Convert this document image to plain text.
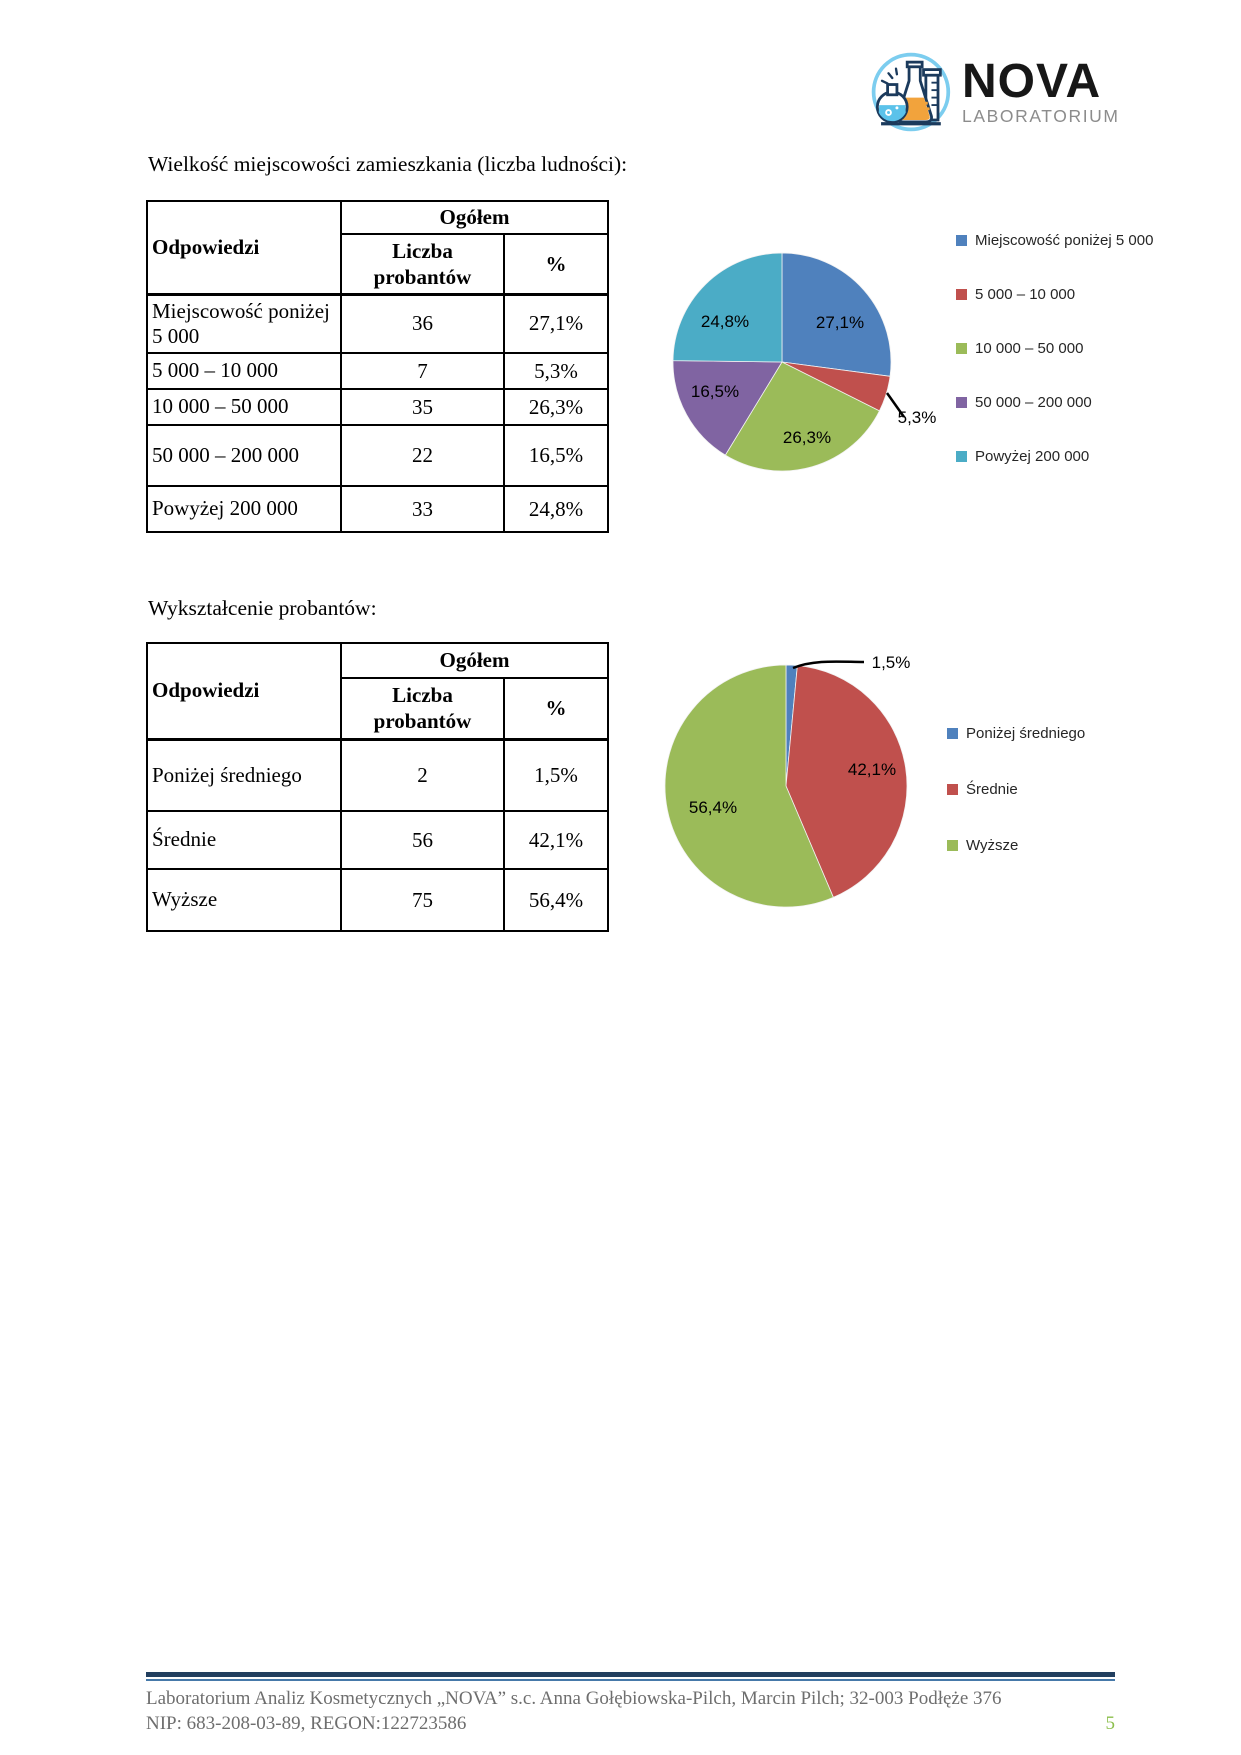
NOVA
LABORATORIUM
Wielkość miejscowości zamieszkania (liczba ludności):
Odpowiedzi	Ogółem	
	Liczba probantów	%
Miejscowość poniżej 5 000	36	27,1%
5 000 – 10 000	7	5,3%
10 000 – 50 000	35	26,3%
50 000 – 200 000	22	16,5%
Powyżej 200 000	33	24,8%
27,1%
5,3%
26,3%
16,5%
24,8%
Miejscowość poniżej 5 000
5 000 – 10 000
10 000 – 50 000
50 000 – 200 000
Powyżej 200 000
Wykształcenie probantów:
Odpowiedzi	Ogółem	
	Liczba probantów	%
Poniżej średniego	2	1,5%
Średnie	56	42,1%
Wyższe	75	56,4%
1,5%
42,1%
56,4%
Poniżej średniego
Średnie
Wyższe
Laboratorium Analiz Kosmetycznych „NOVA” s.c. Anna Gołębiowska-Pilch, Marcin Pilch; 32-003 Podłęże 376
NIP: 683-208-03-89, REGON:122723586	5
